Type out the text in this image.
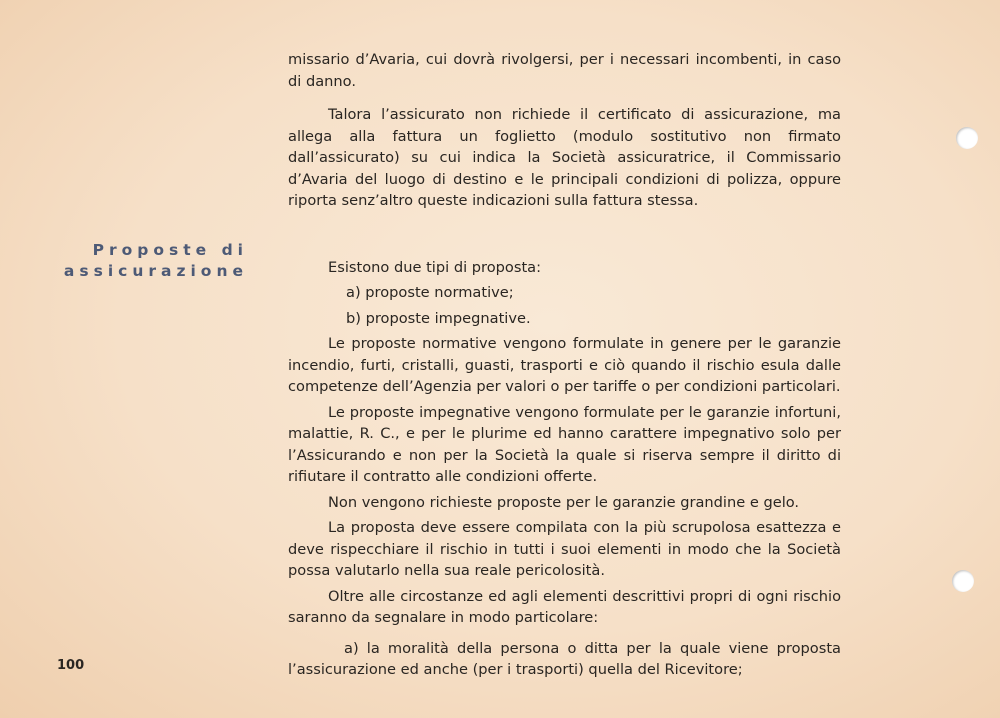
Proposte di
assicurazione

missario d’Avaria, cui dovrà rivolgersi, per i necessari incombenti, in caso di danno.

Talora l’assicurato non richiede il certificato di assicurazione, ma allega alla fattura un foglietto (modulo sostitutivo non firmato dall’assicurato) su cui indica la Società assicuratrice, il Commissario d’Avaria del luogo di destino e le principali condizioni di polizza, oppure riporta senz’altro queste indicazioni sulla fattura stessa.

Esistono due tipi di proposta:

a) proposte normative;

b) proposte impegnative.

Le proposte normative vengono formulate in genere per le garanzie incendio, furti, cristalli, guasti, trasporti e ciò quando il rischio esula dalle competenze dell’Agenzia per valori o per tariffe o per condizioni particolari.

Le proposte impegnative vengono formulate per le garanzie infortuni, malattie, R. C., e per le plurime ed hanno carattere impegnativo solo per l’Assicurando e non per la Società la quale si riserva sempre il diritto di rifiutare il contratto alle condizioni offerte.

Non vengono richieste proposte per le garanzie grandine e gelo.

La proposta deve essere compilata con la più scrupolosa esattezza e deve rispecchiare il rischio in tutti i suoi elementi in modo che la Società possa valutarlo nella sua reale pericolosità.

Oltre alle circostanze ed agli elementi descrittivi propri di ogni rischio saranno da segnalare in modo particolare:

a) la moralità della persona o ditta per la quale viene proposta l’assicurazione ed anche (per i trasporti) quella del Ricevitore;

100
